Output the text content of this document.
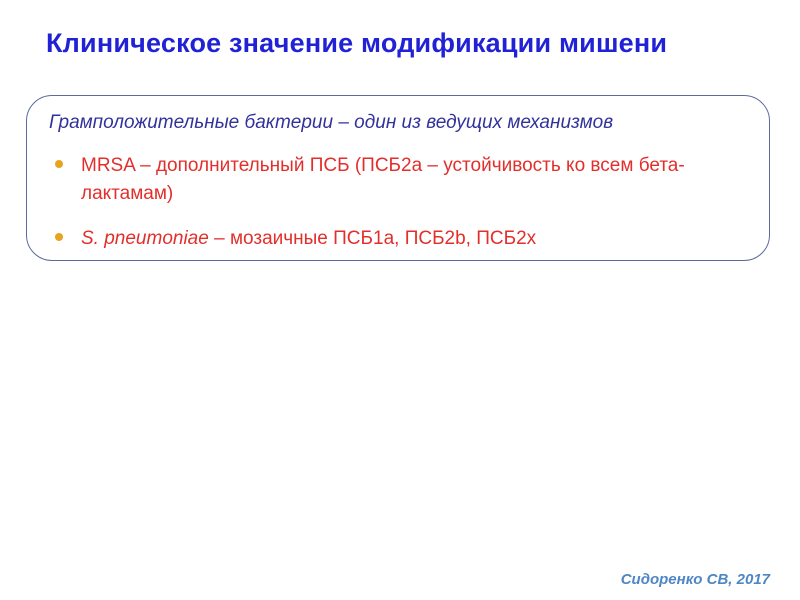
Клиническое значение модификации мишени
Грамположительные бактерии – один из ведущих механизмов
MRSA – дополнительный ПСБ (ПСБ2а – устойчивость ко всем бета-лактамам)
S. pneumoniae – мозаичные ПСБ1а, ПСБ2b, ПСБ2х
Сидоренко СВ, 2017
